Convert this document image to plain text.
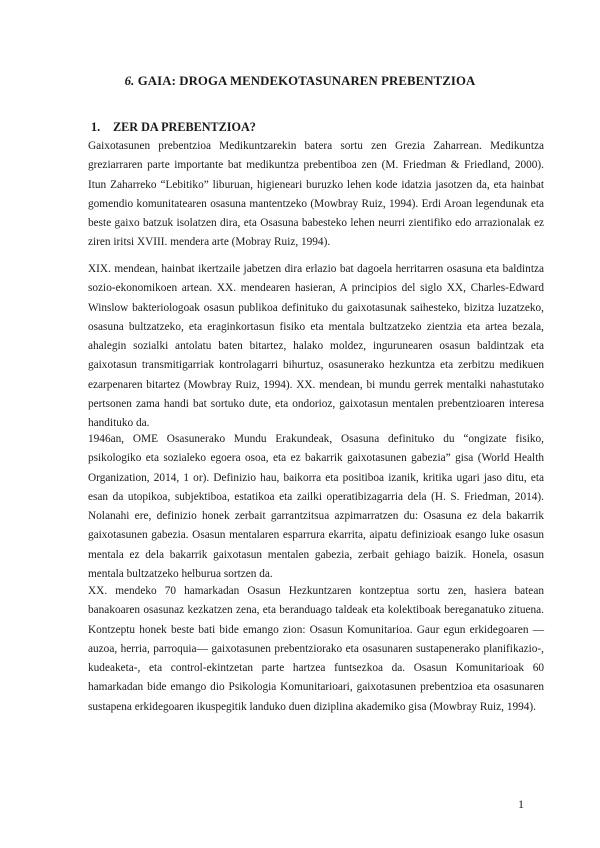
6. GAIA: DROGA MENDEKOTASUNAREN PREBENTZIOA
1. ZER DA PREBENTZIOA?

Gaixotasunen prebentzioa Medikuntzarekin batera sortu zen Grezia Zaharrean. Medikuntza greziarraren parte importante bat medikuntza prebentiboa zen (M. Friedman & Friedland, 2000). Itun Zaharreko “Lebitiko” liburuan, higieneari buruzko lehen kode idatzia jasotzen da, eta hainbat gomendio komunitatearen osasuna mantentzeko (Mowbray Ruiz, 1994). Erdi Aroan legendunak eta beste gaixo batzuk isolatzen dira, eta Osasuna babesteko lehen neurri zientifiko edo arrazionalak ez ziren iritsi XVIII. mendera arte (Mobray Ruiz, 1994).

XIX. mendean, hainbat ikertzaile jabetzen dira erlazio bat dagoela herritarren osasuna eta baldintza sozio-ekonomikoen artean. XX. mendearen hasieran, A principios del siglo XX, Charles-Edward Winslow bakteriologoak osasun publikoa definituko du gaixotasunak saihesteko, bizitza luzatzeko, osasuna bultzatzeko, eta eraginkortasun fisiko eta mentala bultzatzeko zientzia eta artea bezala, ahalegin sozialki antolatu baten bitartez, halako moldez, ingurunearen osasun baldintzak eta gaixotasun transmitigarriak kontrolagarri bihurtuz, osasunerako hezkuntza eta zerbitzu medikuen ezarpenaren bitartez (Mowbray Ruiz, 1994). XX. mendean, bi mundu gerrek mentalki nahastutako pertsonen zama handi bat sortuko dute, eta ondorioz, gaixotasun mentalen prebentzioaren interesa handituko da.

1946an, OME Osasunerako Mundu Erakundeak, Osasuna definituko du “ongizate fisiko, psikologiko eta sozialeko egoera osoa, eta ez bakarrik gaixotasunen gabezia” gisa (World Health Organization, 2014, 1 or). Definizio hau, baikorra eta positiboa izanik, kritika ugari jaso ditu, eta esan da utopikoa, subjektiboa, estatikoa eta zailki operatibizagarria dela (H. S. Friedman, 2014). Nolanahi ere, definizio honek zerbait garrantzitsua azpimarratzen du: Osasuna ez dela bakarrik gaixotasunen gabezia. Osasun mentalaren esparrura ekarrita, aipatu definizioak esango luke osasun mentala ez dela bakarrik gaixotasun mentalen gabezia, zerbait gehiago baizik. Honela, osasun mentala bultzatzeko helburua sortzen da.

XX. mendeko 70 hamarkadan Osasun Hezkuntzaren kontzeptua sortu zen, hasiera batean banakoaren osasunaz kezkatzen zena, eta beranduago taldeak eta kolektiboak bereganatuko zituena. Kontzeptu honek beste bati bide emango zion: Osasun Komunitarioa. Gaur egun erkidegoaren —auzoa, herria, parroquia— gaixotasunen prebentziorako eta osasunaren sustapenerako planifikazio-, kudeaketa-, eta control-ekintzetan parte hartzea funtsezkoa da. Osasun Komunitarioak 60 hamarkadan bide emango dio Psikologia Komunitarioari, gaixotasunen prebentzioa eta osasunaren sustapena erkidegoaren ikuspegitik landuko duen diziplina akademiko gisa (Mowbray Ruiz, 1994).

1
